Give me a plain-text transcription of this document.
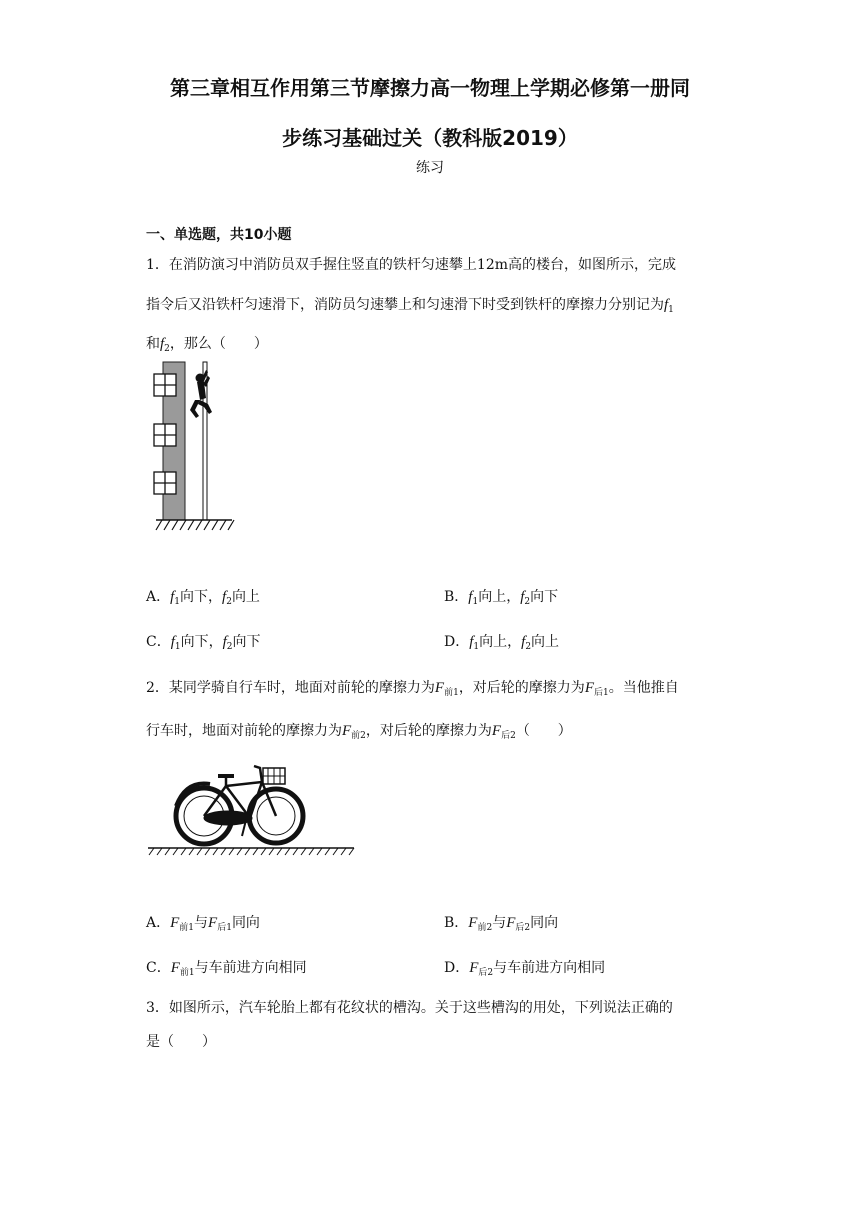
第三章相互作用第三节摩擦力高一物理上学期必修第一册同
步练习基础过关（教科版2019）
练习
一、单选题，共10小题
1．在消防演习中消防员双手握住竖直的铁杆匀速攀上12m高的楼台，如图所示，完成
指令后又沿铁杆匀速滑下，消防员匀速攀上和匀速滑下时受到铁杆的摩擦力分别记为$f_1$
和$f_2$，那么（　　）
A．$f_1$向下，$f_2$向上	B．$f_1$向上，$f_2$向下
C．$f_1$向下，$f_2$向下	D．$f_1$向上，$f_2$向上
2．某同学骑自行车时，地面对前轮的摩擦力为$F_{前1}$，对后轮的摩擦力为$F_{后1}$。当他推自
行车时，地面对前轮的摩擦力为$F_{前2}$，对后轮的摩擦力为$F_{后2}$（　　）
A．$F_{前1}$与$F_{后1}$同向	B．$F_{前2}$与$F_{后2}$同向
C．$F_{前1}$与车前进方向相同	D．$F_{后2}$与车前进方向相同
3．如图所示，汽车轮胎上都有花纹状的槽沟。关于这些槽沟的用处，下列说法正确的
是（　　）
